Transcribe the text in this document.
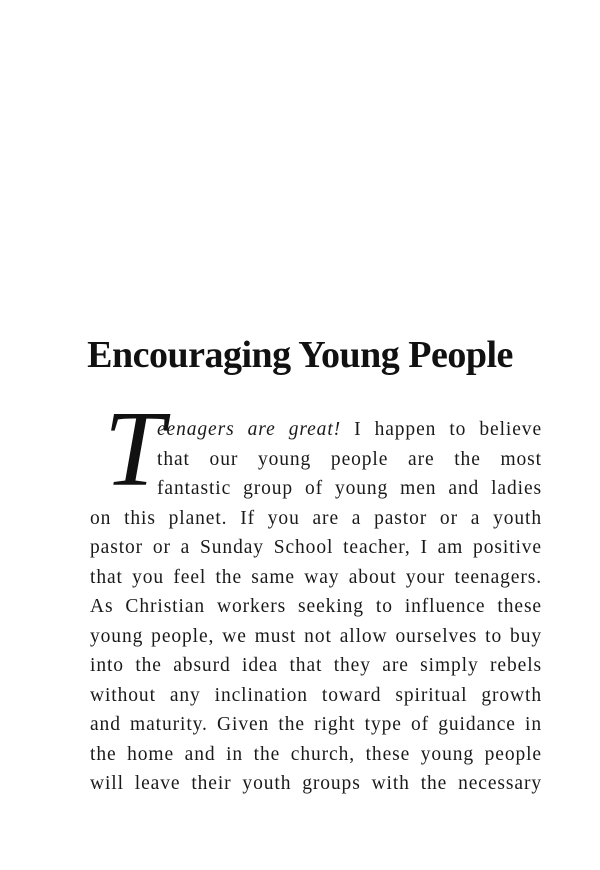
Encouraging Young People
T
eenagers are great! I happen to believe
that our young people are the most
fantastic group of young men and ladies
on this planet. If you are a pastor or a youth
pastor or a Sunday School teacher, I am positive
that you feel the same way about your teenagers.
As Christian workers seeking to influence these
young people, we must not allow ourselves to buy
into the absurd idea that they are simply rebels
without any inclination toward spiritual growth
and maturity. Given the right type of guidance in
the home and in the church, these young people
will leave their youth groups with the necessary
